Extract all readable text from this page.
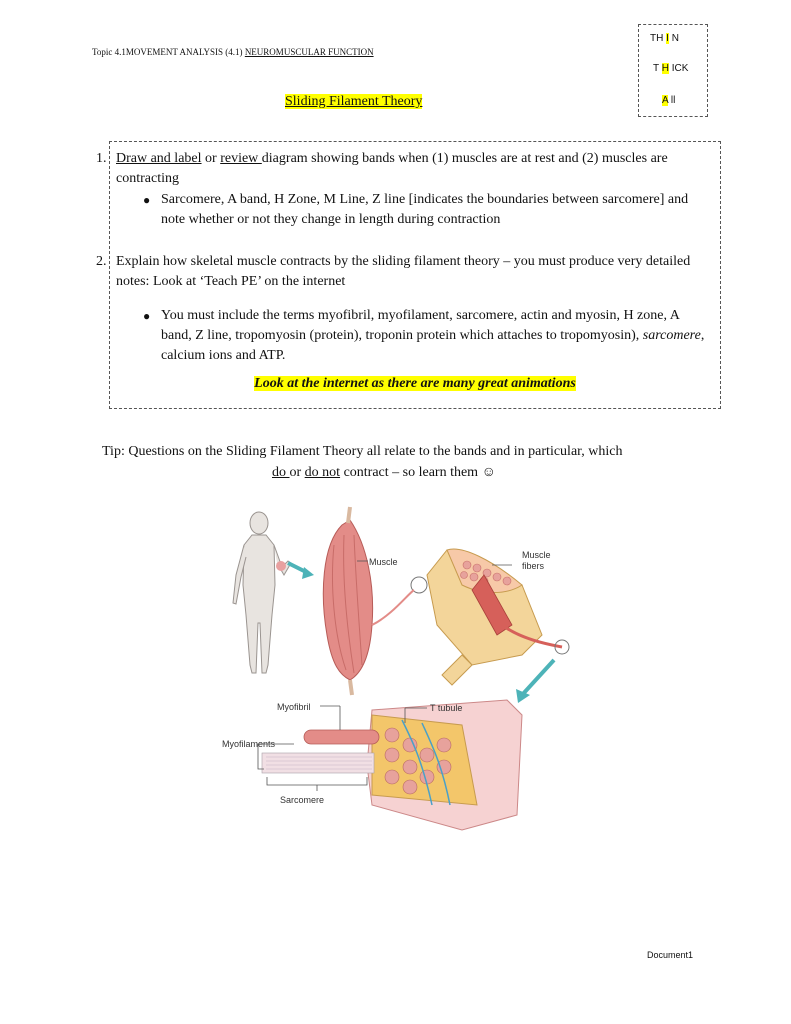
Topic 4.1MOVEMENT ANALYSIS (4.1) NEUROMUSCULAR FUNCTION
Sliding Filament Theory
TH I N
T H ICK
A ll
1. Draw and label or review diagram showing bands when (1) muscles are at rest and (2) muscles are contracting
● Sarcomere, A band, H Zone, M Line, Z line [indicates the boundaries between sarcomere] and note whether or not they change in length during contraction
2. Explain how skeletal muscle contracts by the sliding filament theory – you must produce very detailed notes: Look at ‘Teach PE’ on the internet
● You must include the terms myofibril, myofilament, sarcomere, actin and myosin, H zone, A band, Z line, tropomyosin (protein), troponin protein which attaches to tropomyosin), sarcomere, calcium ions and ATP.
Look at the internet as there are many great animations
Tip: Questions on the Sliding Filament Theory all relate to the bands and in particular, which
do or do not contract – so learn them ☺
Muscle
Muscle
fibers
Myofibril	T tubule
Myofilaments
Sarcomere
Document1
